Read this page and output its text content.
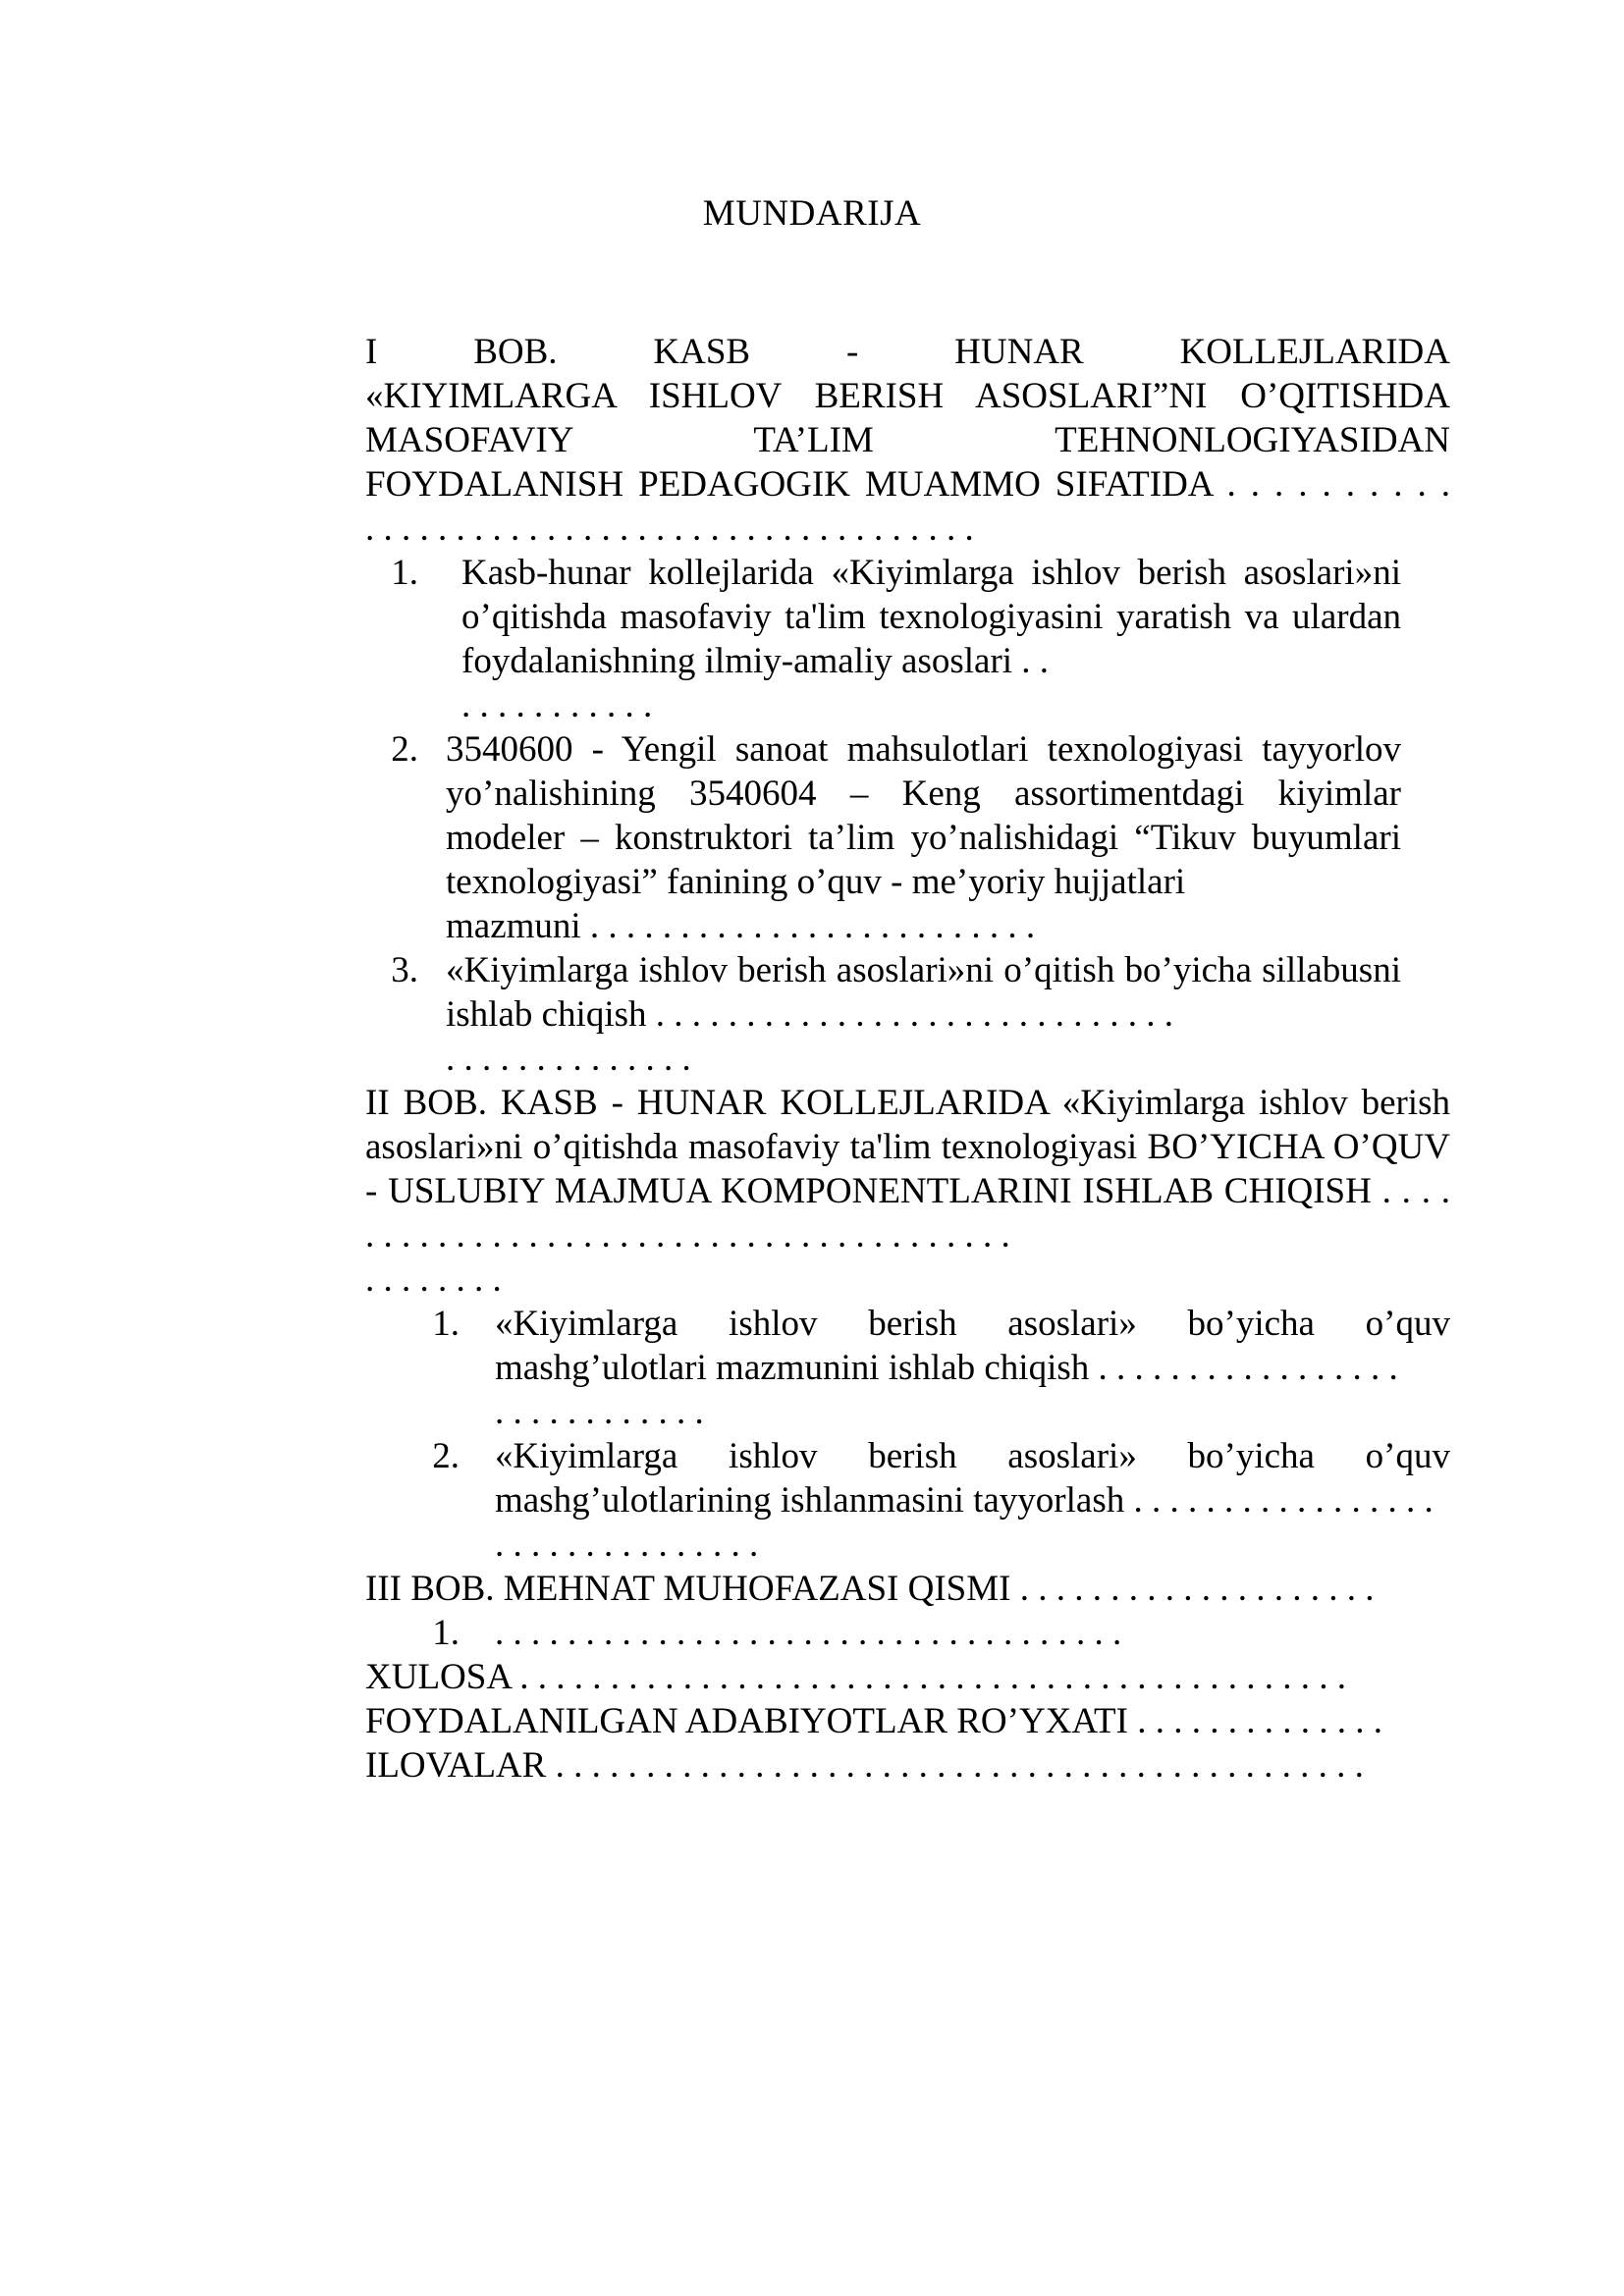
MUNDARIJA
I BOB. KASB - HUNAR KOLLEJLARIDA
«KIYIMLARGA ISHLOV BERISH ASOSLARI”NI O’QITISHDA
MASOFAVIY TA’LIM TEHNONLOGIYASIDAN
FOYDALANISH PEDAGOGIK MUAMMO SIFATIDA . . . . . . . . . .
. . . . . . . . . . . . . . . . . . . . . . . . . . . . . . . . . .
1. Kasb-hunar kollejlarida «Kiyimlarga ishlov berish asoslari»ni o’qitishda masofaviy ta'lim texnologiyasini yaratish va ulardan foydalanishning ilmiy-amaliy asoslari . .
. . . . . . . . . . .
2. 3540600 - Yengil sanoat mahsulotlari texnologiyasi tayyorlov yo’nalishining 3540604 – Keng assortimentdagi kiyimlar modeler – konstruktori ta’lim yo’nalishidagi “Tikuv buyumlari texnologiyasi” fanining o’quv - me’yoriy hujjatlari
mazmuni . . . . . . . . . . . . . . . . . . . . . . . . .
3. «Kiyimlarga ishlov berish asoslari»ni o’qitish bo’yicha sillabusni ishlab chiqish . . . . . . . . . . . . . . . . . . . . . . . . . . . . .
. . . . . . . . . . . . . .
II BOB. KASB - HUNAR KOLLEJLARIDA «Kiyimlarga ishlov berish asoslari»ni o’qitishda masofaviy ta'lim texnologiyasi BO’YICHA O’QUV - USLUBIY MAJMUA KOMPONENTLARINI ISHLAB CHIQISH . . . . . . . . . . . . . . . . . . . . . . . . . . . . . . . . . . . . . . . .
. . . . . . . .
1. «Kiyimlarga ishlov berish asoslari» bo’yicha o’quv mashg’ulotlari mazmunini ishlab chiqish . . . . . . . . . . . . . . . . .
. . . . . . . . . . . .
2. «Kiyimlarga ishlov berish asoslari» bo’yicha o’quv mashg’ulotlarining ishlanmasini tayyorlash . . . . . . . . . . . . . . . . .
. . . . . . . . . . . . . . .
III BOB. MEHNAT MUHOFAZASI QISMI . . . . . . . . . . . . . . . . . . . .
1. . . . . . . . . . . . . . . . . . . . . . . . . . . . . . . . . . . .
XULOSA . . . . . . . . . . . . . . . . . . . . . . . . . . . . . . . . . . . . . . . . . . . . . .
FOYDALANILGAN ADABIYOTLAR RO’YXATI . . . . . . . . . . . . . .
ILOVALAR . . . . . . . . . . . . . . . . . . . . . . . . . . . . . . . . . . . . . . . . . . . . .
